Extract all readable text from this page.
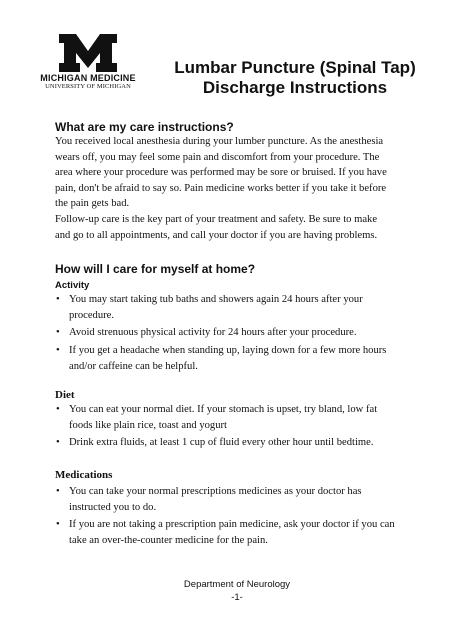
MICHIGAN MEDICINE
UNIVERSITY OF MICHIGAN
Lumbar Puncture (Spinal Tap)
Discharge Instructions
What are my care instructions?
You received local anesthesia during your lumber puncture. As the anesthesia
wears off, you may feel some pain and discomfort from your procedure. The
area where your procedure was performed may be sore or bruised. If you have
pain, don't be afraid to say so. Pain medicine works better if you take it before
the pain gets bad.
Follow-up care is the key part of your treatment and safety. Be sure to make
and go to all appointments, and call your doctor if you are having problems.
How will I care for myself at home?
Activity
• You may start taking tub baths and showers again 24 hours after your
procedure.
• Avoid strenuous physical activity for 24 hours after your procedure.
• If you get a headache when standing up, laying down for a few more hours
and/or caffeine can be helpful.
Diet
• You can eat your normal diet. If your stomach is upset, try bland, low fat
foods like plain rice, toast and yogurt
• Drink extra fluids, at least 1 cup of fluid every other hour until bedtime.
Medications
• You can take your normal prescriptions medicines as your doctor has
instructed you to do.
• If you are not taking a prescription pain medicine, ask your doctor if you can
take an over-the-counter medicine for the pain.
Department of Neurology
-1-
